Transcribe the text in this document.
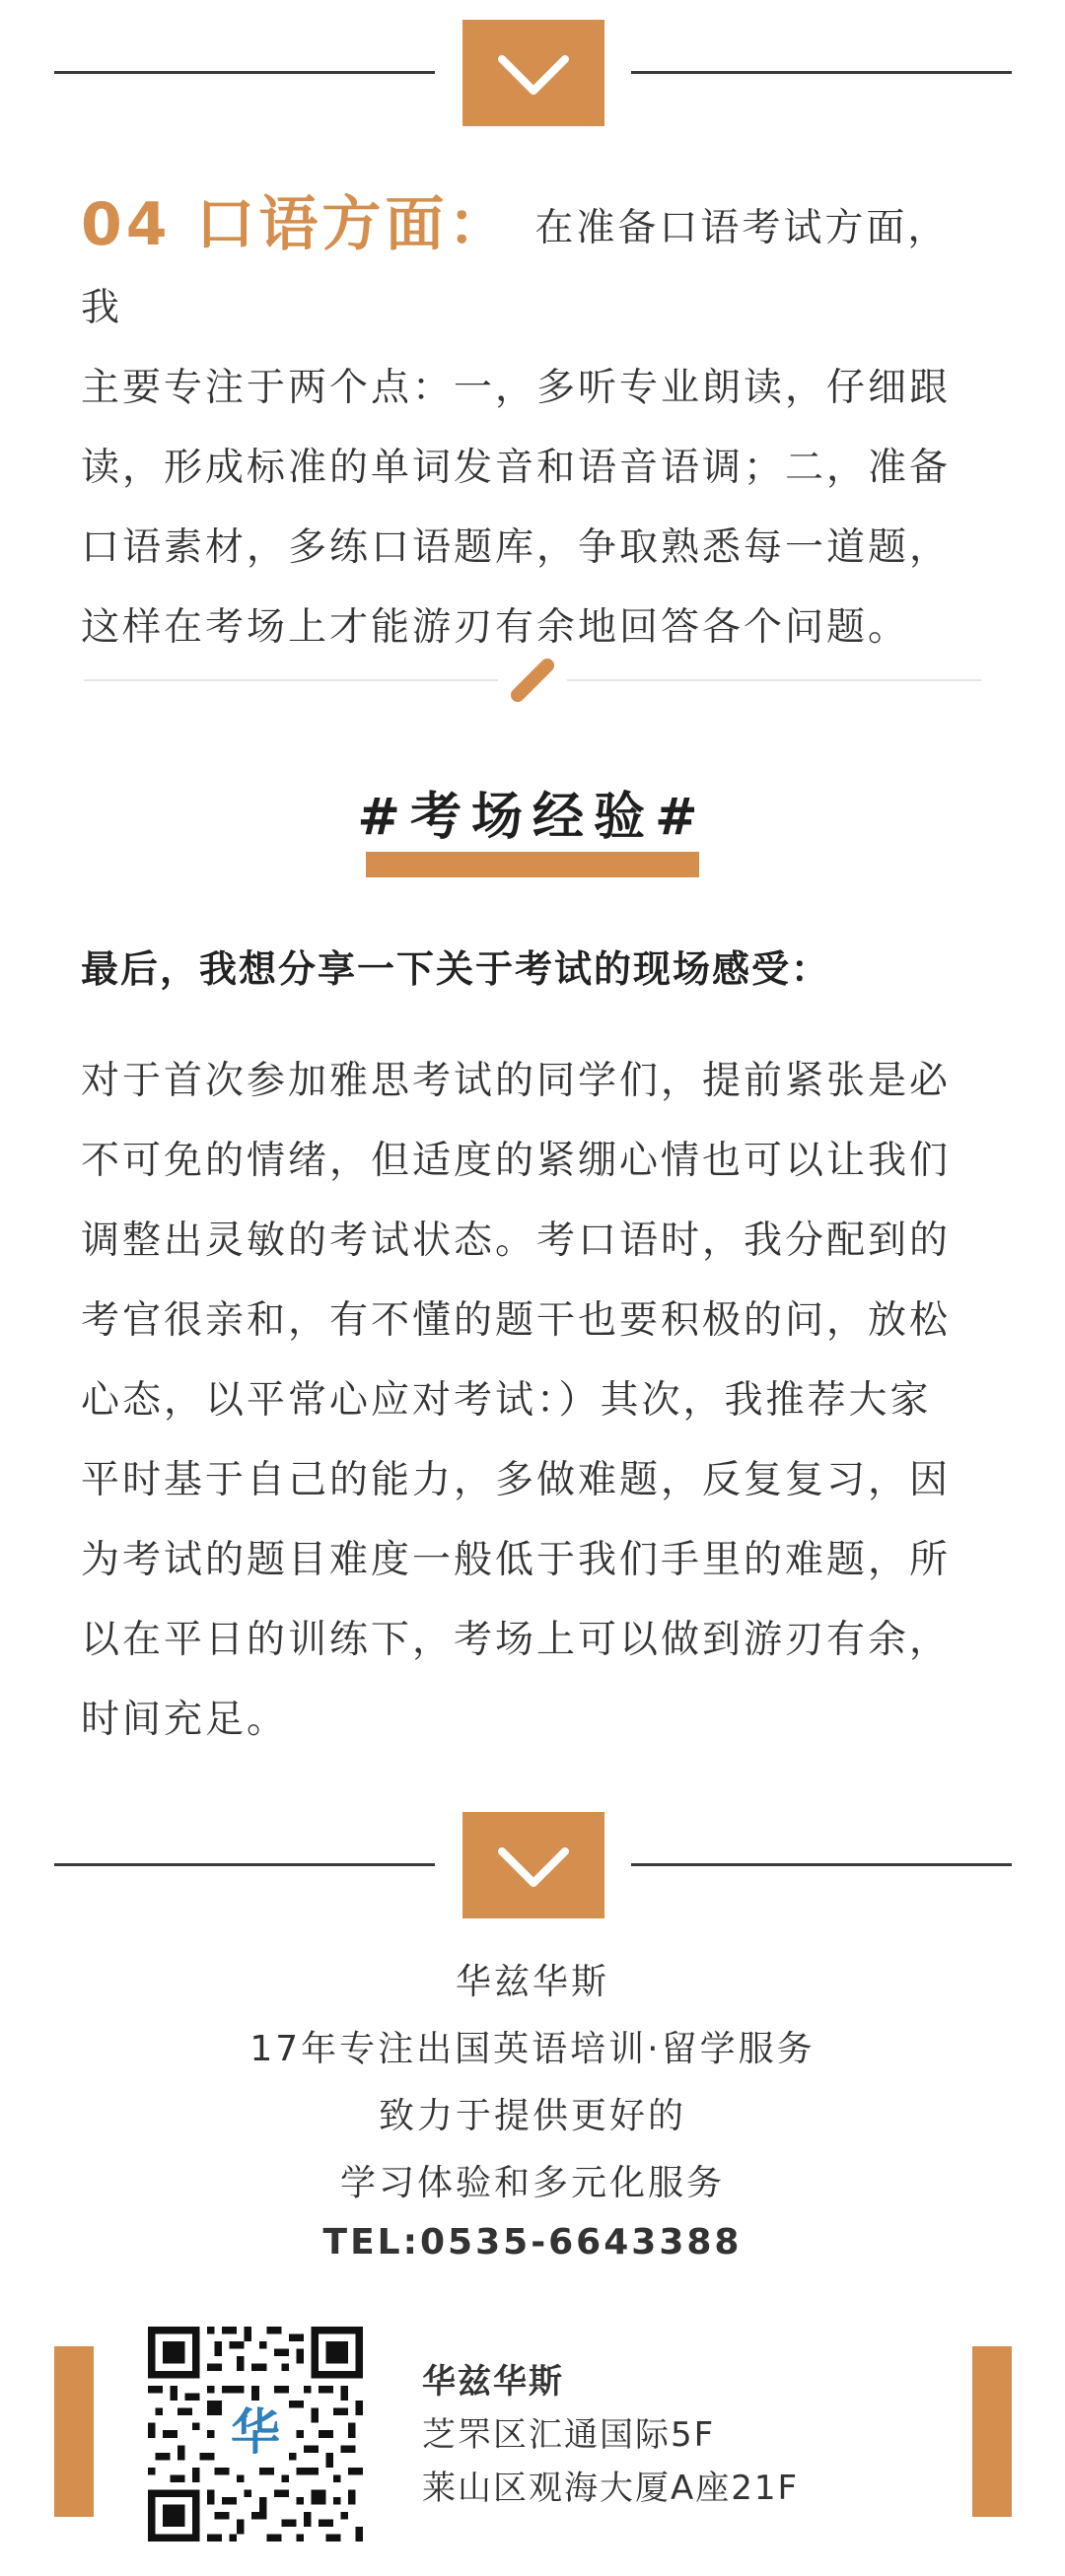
04 口语方面： 在准备口语考试方面，我
主要专注于两个点：一，多听专业朗读，仔细跟
读，形成标准的单词发音和语音语调；二，准备
口语素材，多练口语题库，争取熟悉每一道题，
这样在考场上才能游刃有余地回答各个问题。
#考场经验#
最后，我想分享一下关于考试的现场感受：
对于首次参加雅思考试的同学们，提前紧张是必
不可免的情绪，但适度的紧绷心情也可以让我们
调整出灵敏的考试状态。考口语时，我分配到的
考官很亲和，有不懂的题干也要积极的问，放松
心态，以平常心应对考试：）其次，我推荐大家
平时基于自己的能力，多做难题，反复复习，因
为考试的题目难度一般低于我们手里的难题，所
以在平日的训练下，考场上可以做到游刃有余，
时间充足。
华兹华斯
17年专注出国英语培训·留学服务
致力于提供更好的
学习体验和多元化服务
TEL:0535-6643388
华
华兹华斯
芝罘区汇通国际5F
莱山区观海大厦A座21F
